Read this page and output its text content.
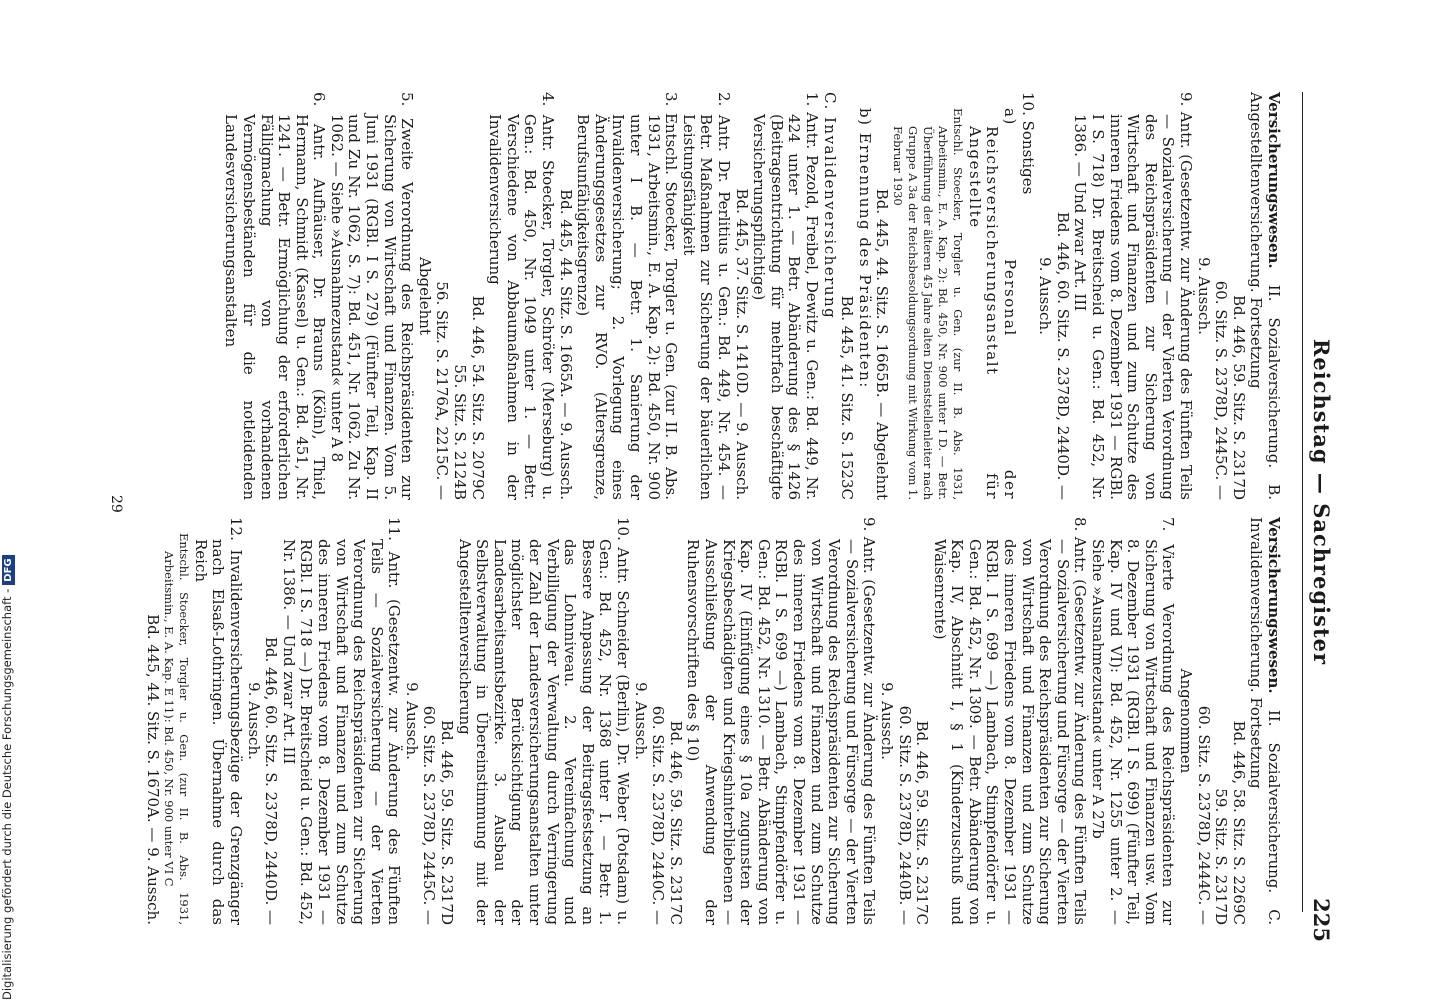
Reichstag — Sachregister
225

Versicherungswesen. II. Sozialversicherung. B. Angestelltenversicherung. Fortsetzung

Bd. 446, 59. Sitz. S. 2317D

60. Sitz. S. 2378D, 2445C. —

9. Aussch.

9. Antr. (Gesetzentw. zur Änderung des Fünften Teils — Sozialversicherung — der Vierten Verordnung des Reichspräsidenten zur Sicherung von Wirtschaft und Finanzen und zum Schutze des inneren Friedens vom 8. Dezember 1931 — RGBl. I S. 718) Dr. Breitscheid u. Gen.: Bd. 452, Nr. 1386. — Und zwar Art. III

Bd. 446, 60. Sitz. S. 2378D, 2440D. —

9. Aussch.

10. Sonstiges

a) Personal der Reichsversicherungsanstalt für Angestellte

Entschl. Stoecker, Torgler u. Gen. (zur II. B. Abs. 1931, Arbeitsmin., E. A. Kap. 2): Bd. 450, Nr. 900 unter I D. — Betr. Überführung der älteren 45 Jahre alten Dienststellenleiter nach Gruppe A 3a der Reichsbesoldungsordnung mit Wirkung vom 1. Februar 1930

Bd. 445, 44. Sitz. S. 1665B. — Abgelehnt

b) Ernennung des Präsidenten:

Bd. 445, 41. Sitz. S. 1523C

C. Invalidenversicherung

1. Antr. Pezold, Freibel, Dewitz u. Gen.: Bd. 449, Nr. 424 unter 1. — Betr. Abänderung des § 1426 (Beitragsentrichtung für mehrfach beschäftigte Versicherungspflichtige)

Bd. 445, 37. Sitz. S. 1410D. — 9. Aussch.

2. Antr. Dr. Perlitius u. Gen.: Bd. 449, Nr. 454. — Betr. Maßnahmen zur Sicherung der bäuerlichen Leistungsfähigkeit

3. Entschl. Stoecker, Torgler u. Gen. (zur II. B. Abs. 1931, Arbeitsmin., E. A. Kap. 2): Bd. 450, Nr. 900 unter I B. — Betr. 1. Sanierung der Invalidenversicherung; 2. Vorlegung eines Änderungsgesetzes zur RVO. (Altersgrenze, Berufsunfähigkeitsgrenze)

Bd. 445, 44. Sitz. S. 1665A. — 9. Aussch.

4. Antr. Stoecker, Torgler, Schröter (Merseburg) u. Gen.: Bd. 450, Nr. 1049 unter 1. — Betr. Verschiedene von Abbaumaßnahmen in der Invalidenversicherung

Bd. 446, 54. Sitz. S. 2079C

55. Sitz. S. 2124B

56. Sitz. S. 2176A, 2215C. —

Abgelehnt

5. Zweite Verordnung des Reichspräsidenten zur Sicherung von Wirtschaft und Finanzen. Vom 5. Juni 1931 (RGBl. I S. 279) (Fünfter Teil, Kap. II und Zu Nr. 1062, S. 7): Bd. 451, Nr. 1062. Zu Nr. 1062. — Siehe »Ausnahmezustand« unter A 8

6. Antr. Aufhäuser, Dr. Brauns (Köln), Thiel, Hermann, Schmidt (Kassel) u. Gen.: Bd. 451, Nr. 1241. — Betr. Ermöglichung der erforderlichen Fälligmachung von vorhandenen Vermögensbeständen für die notleidenden Landesversicherungsanstalten

Versicherungswesen. II. Sozialversicherung. C. Invalidenversicherung. Fortsetzung

Bd. 446, 58. Sitz. S. 2269C

59. Sitz. S. 2317D

60. Sitz. S. 2378D, 2444C. —

Angenommen

7. Vierte Verordnung des Reichspräsidenten zur Sicherung von Wirtschaft und Finanzen usw. Vom 8. Dezember 1931 (RGBl. I S. 699) (Fünfter Teil, Kap. IV und VI): Bd. 452, Nr. 1255 unter 2. — Siehe »Ausnahmezustand« unter A 27b

8. Antr. (Gesetzentw. zur Änderung des Fünften Teils — Sozialversicherung und Fürsorge — der Vierten Verordnung des Reichspräsidenten zur Sicherung von Wirtschaft und Finanzen und zum Schutze des inneren Friedens vom 8. Dezember 1931 — RGBl. I S. 699 —) Lambach, Stimpfendörfer u. Gen.: Bd. 452, Nr. 1309. — Betr. Abänderung von Kap. IV, Abschnitt I, § 1 (Kinderzuschuß und Waisenrente)

Bd. 446, 59. Sitz. S. 2317C

60. Sitz. S. 2378D, 2440B. —

9. Aussch.

9. Antr. (Gesetzentw. zur Änderung des Fünften Teils — Sozialversicherung und Fürsorge — der Vierten Verordnung des Reichspräsidenten zur Sicherung von Wirtschaft und Finanzen und zum Schutze des inneren Friedens vom 8. Dezember 1931 — RGBl. I S. 699 —) Lambach, Stimpfendörfer u. Gen.: Bd. 452, Nr. 1310. — Betr. Abänderung von Kap. IV (Einfügung eines § 10a zugunsten der Kriegsbeschädigten und Kriegshinterbliebenen — Ausschließung der Anwendung der Ruhensvorschriften des § 10)

Bd. 446, 59. Sitz. S. 2317C

60. Sitz. S. 2378D, 2440C. —

9. Aussch.

10. Antr. Schneider (Berlin), Dr. Weber (Potsdam) u. Gen.: Bd. 452, Nr. 1368 unter I. — Betr. 1. Bessere Anpassung der Beitragsfestsetzung an das Lohnniveau. 2. Vereinfachung und Verbilligung der Verwaltung durch Verringerung der Zahl der Landesversicherungsanstalten unter möglichster Berücksichtigung der Landesarbeitsamtsbezirke. 3. Ausbau der Selbstverwaltung in Übereinstimmung mit der Angestelltenversicherung

Bd. 446, 59. Sitz. S. 2317D

60. Sitz. S. 2378D, 2445C. —

9. Aussch.

11. Antr. (Gesetzentw. zur Änderung des Fünften Teils — Sozialversicherung — der Vierten Verordnung des Reichspräsidenten zur Sicherung von Wirtschaft und Finanzen und zum Schutze des inneren Friedens vom 8. Dezember 1931 — RGBl. I S. 718 —) Dr. Breitscheid u. Gen.: Bd. 452, Nr. 1386. — Und zwar Art. III

Bd. 446, 60. Sitz. S. 2378D, 2440D. —

9. Aussch.

12. Invalidenversicherungsbezüge der Grenzgänger nach Elsaß-Lothringen. Übernahme durch das Reich

Entschl. Stoecker, Torgler u. Gen. (zur II. B. Abs. 1931, Arbeitsmin., E. A. Kap. E 11): Bd. 450, Nr. 900 unter VI C

Bd. 445, 44. Sitz. S. 1670A. — 9. Aussch.

29
Digitalisierung gefördert durch die Deutsche Forschungsgemeinschaft -DFG
